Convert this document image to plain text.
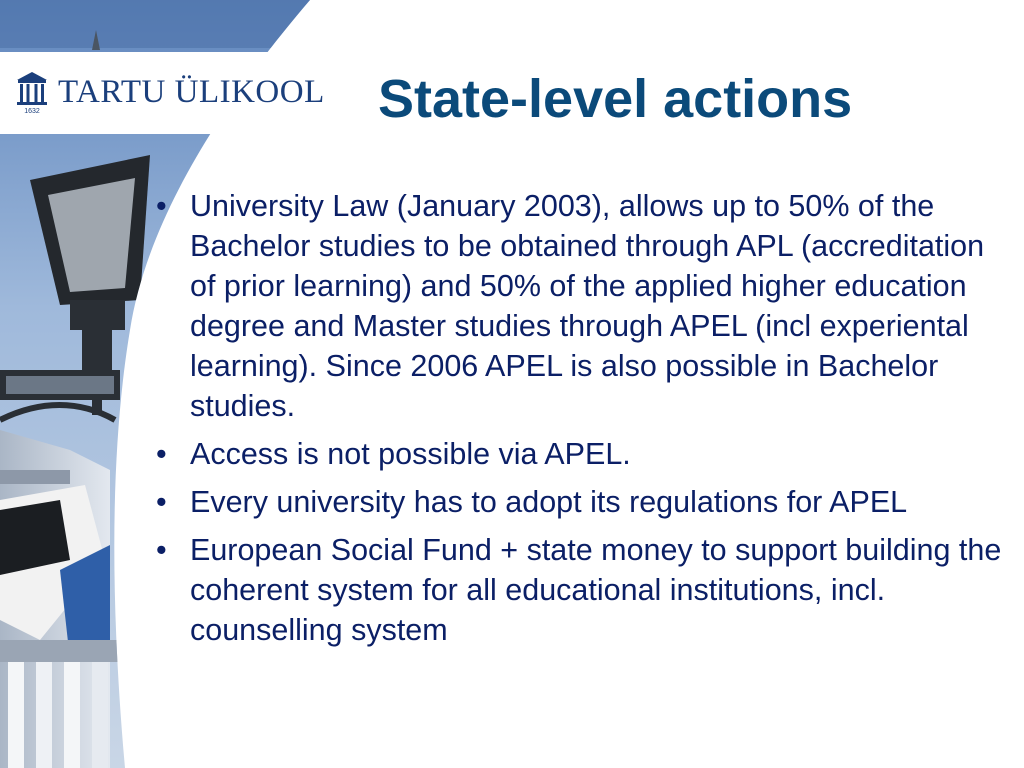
1632
TARTU ÜLIKOOL State-level actions
• University Law (January 2003), allows up to 50% of the Bachelor studies to be obtained through APL (accreditation of prior learning) and 50% of the applied higher education degree and Master studies through APEL (incl experiental learning). Since 2006 APEL is also possible in Bachelor studies.
• Access is not possible via APEL.
• Every university has to adopt its regulations for APEL
• European Social Fund + state money to support building the coherent system for all educational institutions, incl. counselling system
